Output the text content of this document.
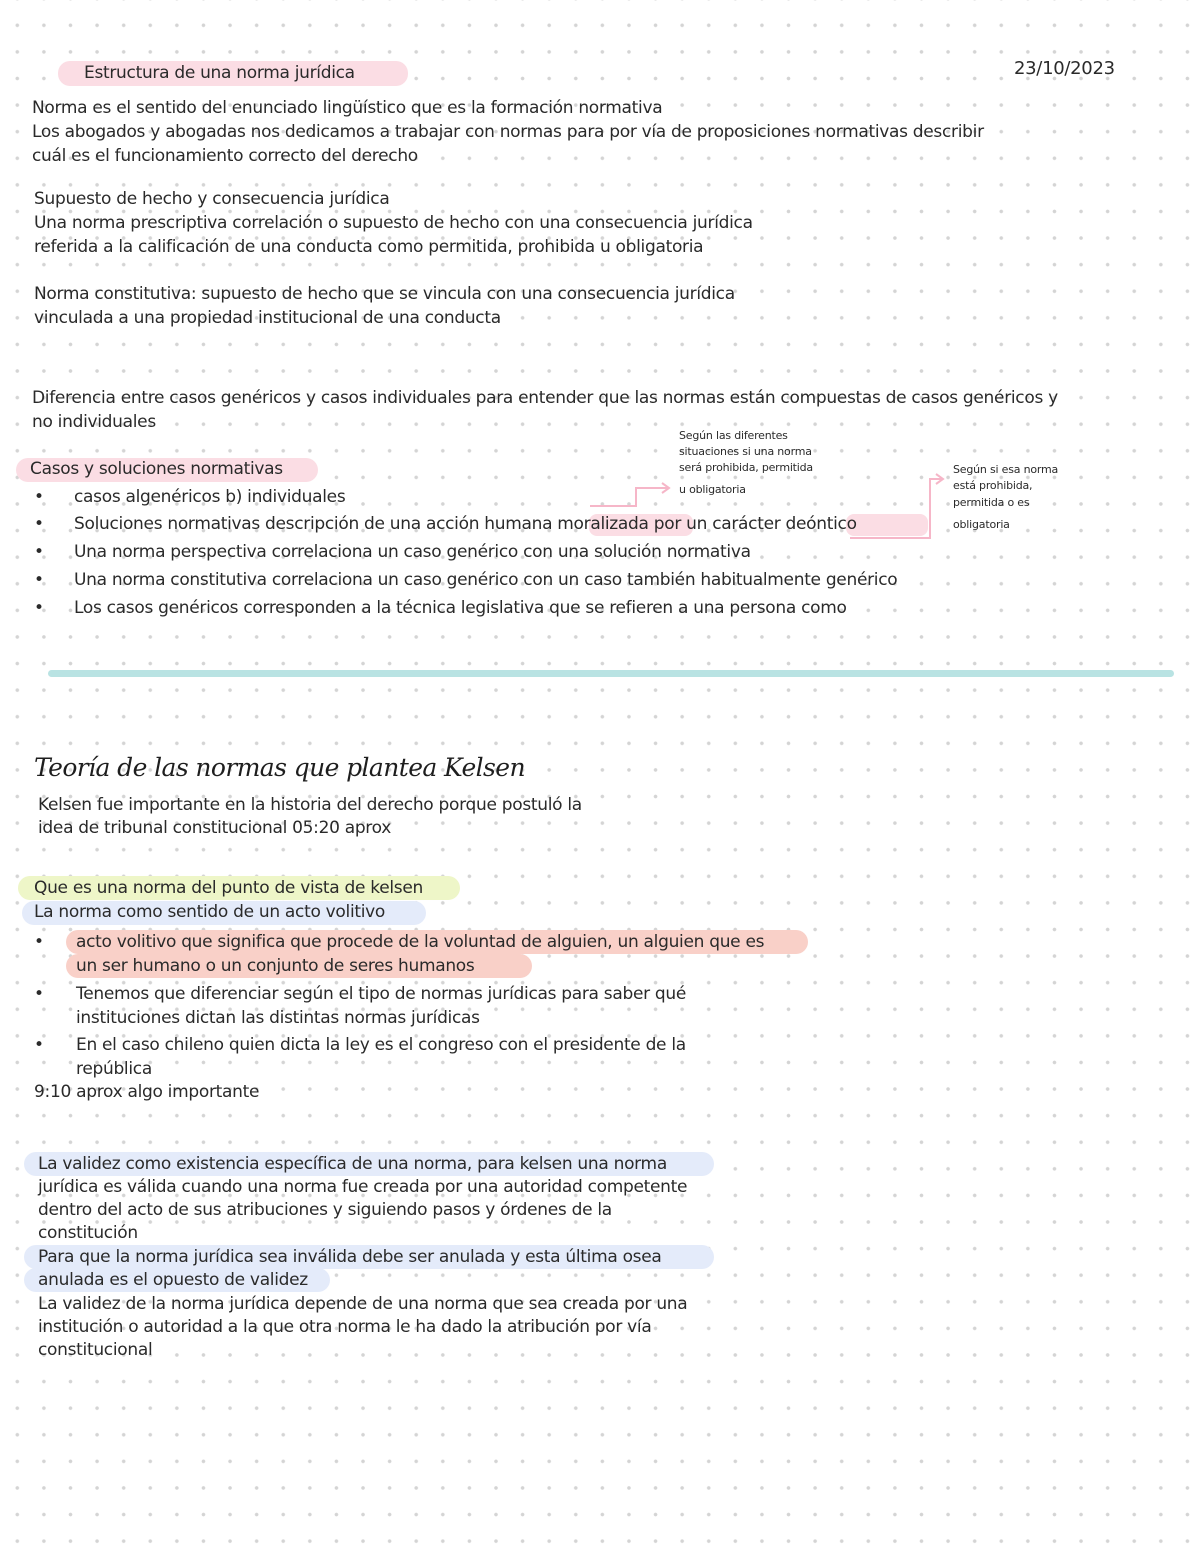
Estructura de una norma jurídica	23/10/2023
Norma es el sentido del enunciado lingüístico que es la formación normativa
Los abogados y abogadas nos dedicamos a trabajar con normas para por vía de proposiciones normativas describir
cuál es el funcionamiento correcto del derecho
Supuesto de hecho y consecuencia jurídica
Una norma prescriptiva correlación o supuesto de hecho con una consecuencia jurídica
referida a la calificación de una conducta como permitida, prohibida u obligatoria
Norma constitutiva: supuesto de hecho que se vincula con una consecuencia jurídica
vinculada a una propiedad institucional de una conducta
Diferencia entre casos genéricos y casos individuales para entender que las normas están compuestas de casos genéricos y
no individuales
Casos y soluciones normativas
• casos algenéricos b) individuales
• Soluciones normativas descripción de una acción humana moralizada por un carácter deóntico
• Una norma perspectiva correlaciona un caso genérico con una solución normativa
• Una norma constitutiva correlaciona un caso genérico con un caso también habitualmente genérico
• Los casos genéricos corresponden a la técnica legislativa que se refieren a una persona como
Según las diferentes
situaciones si una norma
será prohibida, permitida
u obligatoria
Según si esa norma
está prohibida,
permitida o es
obligatoria
Teoría de las normas que plantea Kelsen
Kelsen fue importante en la historia del derecho porque postuló la
idea de tribunal constitucional 05:20 aprox
Que es una norma del punto de vista de kelsen
La norma como sentido de un acto volitivo
• acto volitivo que significa que procede de la voluntad de alguien, un alguien que es
un ser humano o un conjunto de seres humanos
• Tenemos que diferenciar según el tipo de normas jurídicas para saber qué
instituciones dictan las distintas normas jurídicas
• En el caso chileno quien dicta la ley es el congreso con el presidente de la
república
9:10 aprox algo importante
La validez como existencia específica de una norma, para kelsen una norma
jurídica es válida cuando una norma fue creada por una autoridad competente
dentro del acto de sus atribuciones y siguiendo pasos y órdenes de la
constitución
Para que la norma jurídica sea inválida debe ser anulada y esta última osea
anulada es el opuesto de validez
La validez de la norma jurídica depende de una norma que sea creada por una
institución o autoridad a la que otra norma le ha dado la atribución por vía
constitucional
